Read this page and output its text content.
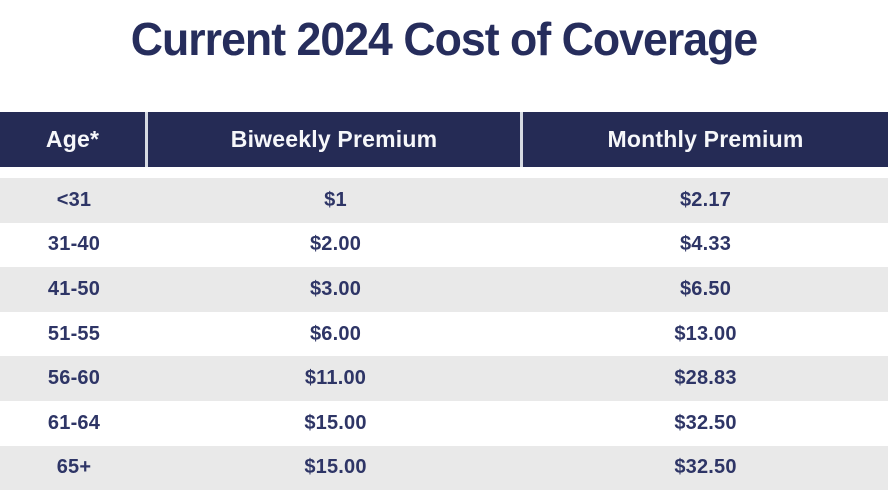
Current 2024 Cost of Coverage
Age*	Biweekly Premium	Monthly Premium
<31	$1	$2.17
31-40	$2.00	$4.33
41-50	$3.00	$6.50
51-55	$6.00	$13.00
56-60	$11.00	$28.83
61-64	$15.00	$32.50
65+	$15.00	$32.50
